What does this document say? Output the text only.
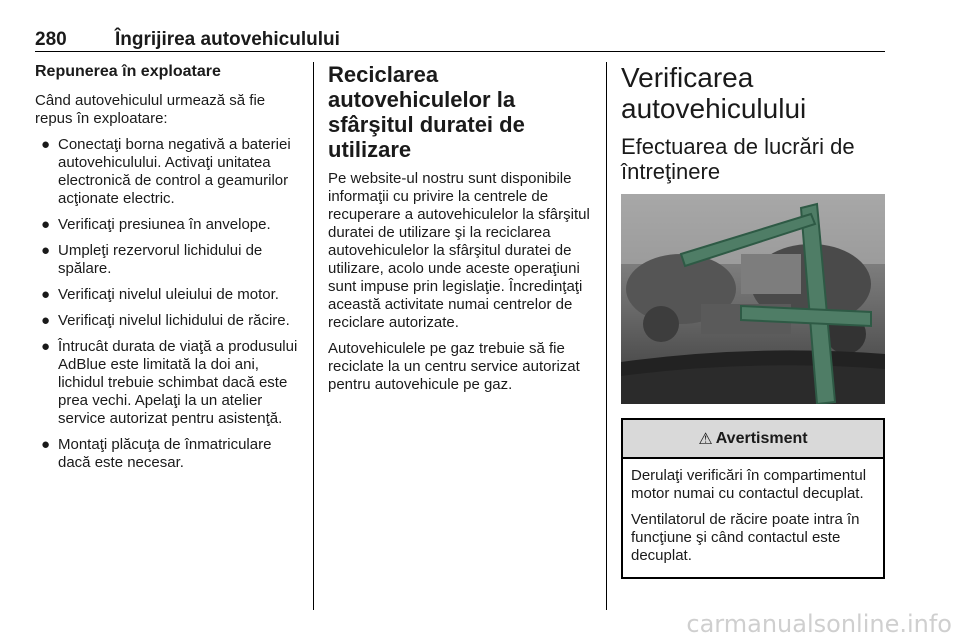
280	Îngrijirea autovehiculului
Repunerea în exploatare

Când autovehiculul urmează să fie repus în exploatare:

● Conectaţi borna negativă a bateriei autovehiculului. Activaţi unitatea electronică de control a geamurilor acţionate electric.
● Verificaţi presiunea în anvelope.
● Umpleţi rezervorul lichidului de spălare.
● Verificaţi nivelul uleiului de motor.
● Verificaţi nivelul lichidului de răcire.
● Întrucât durata de viaţă a produsului AdBlue este limitată la doi ani, lichidul trebuie schimbat dacă este prea vechi. Apelaţi la un atelier service autorizat pentru asistenţă.
● Montaţi plăcuţa de înmatriculare dacă este necesar.
Reciclarea autovehiculelor la sfârşitul duratei de utilizare

Pe website-ul nostru sunt disponibile informaţii cu privire la centrele de recuperare a autovehiculelor la sfârşitul duratei de utilizare şi la reciclarea autovehiculelor la sfârşitul duratei de utilizare, acolo unde aceste operaţiuni sunt impuse prin legislaţie. Încredinţaţi această activitate numai centrelor de reciclare autorizate.

Autovehiculele pe gaz trebuie să fie reciclate la un centru service autorizat pentru autovehicule pe gaz.

Verificarea autovehiculului
Efectuarea de lucrări de întreţinere
⚠ Avertisment

Derulaţi verificări în compartimentul motor numai cu contactul decuplat.

Ventilatorul de răcire poate intra în funcţiune şi când contactul este decuplat.

carmanualsonline.info
